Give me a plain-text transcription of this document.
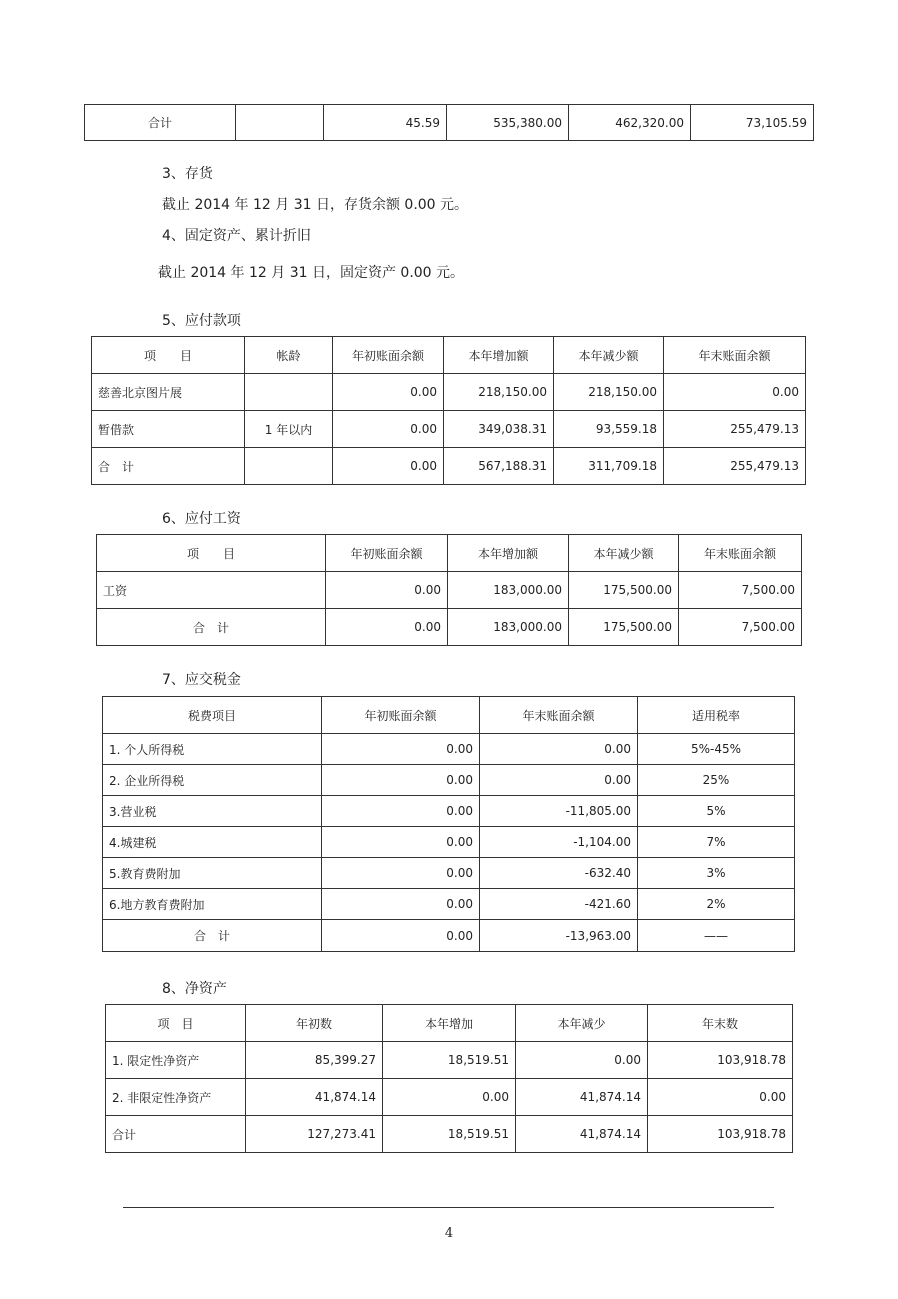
合计		45.59	535,380.00	462,320.00	73,105.59
3、存货
截止 2014 年 12 月 31 日，存货余额 0.00 元。
4、固定资产、累计折旧
截止 2014 年 12 月 31 日，固定资产 0.00 元。
5、应付款项
项　　目	帐龄	年初账面余额	本年增加额	本年减少额	年末账面余额
慈善北京图片展		0.00	218,150.00	218,150.00	0.00
暂借款	1 年以内	0.00	349,038.31	93,559.18	255,479.13
合　计		0.00	567,188.31	311,709.18	255,479.13
6、应付工资
项　　目	年初账面余额	本年增加额	本年减少额	年末账面余额
工资	0.00	183,000.00	175,500.00	7,500.00
合　计	0.00	183,000.00	175,500.00	7,500.00
7、应交税金
税费项目	年初账面余额	年末账面余额	适用税率
1. 个人所得税	0.00	0.00	5%-45%
2. 企业所得税	0.00	0.00	25%
3.营业税	0.00	-11,805.00	5%
4.城建税	0.00	-1,104.00	7%
5.教育费附加	0.00	-632.40	3%
6.地方教育费附加	0.00	-421.60	2%
合　计	0.00	-13,963.00	——
8、净资产
项　目	年初数	本年增加	本年减少	年末数
1. 限定性净资产	85,399.27	18,519.51	0.00	103,918.78
2. 非限定性净资产	41,874.14	0.00	41,874.14	0.00
合计	127,273.41	18,519.51	41,874.14	103,918.78
4
